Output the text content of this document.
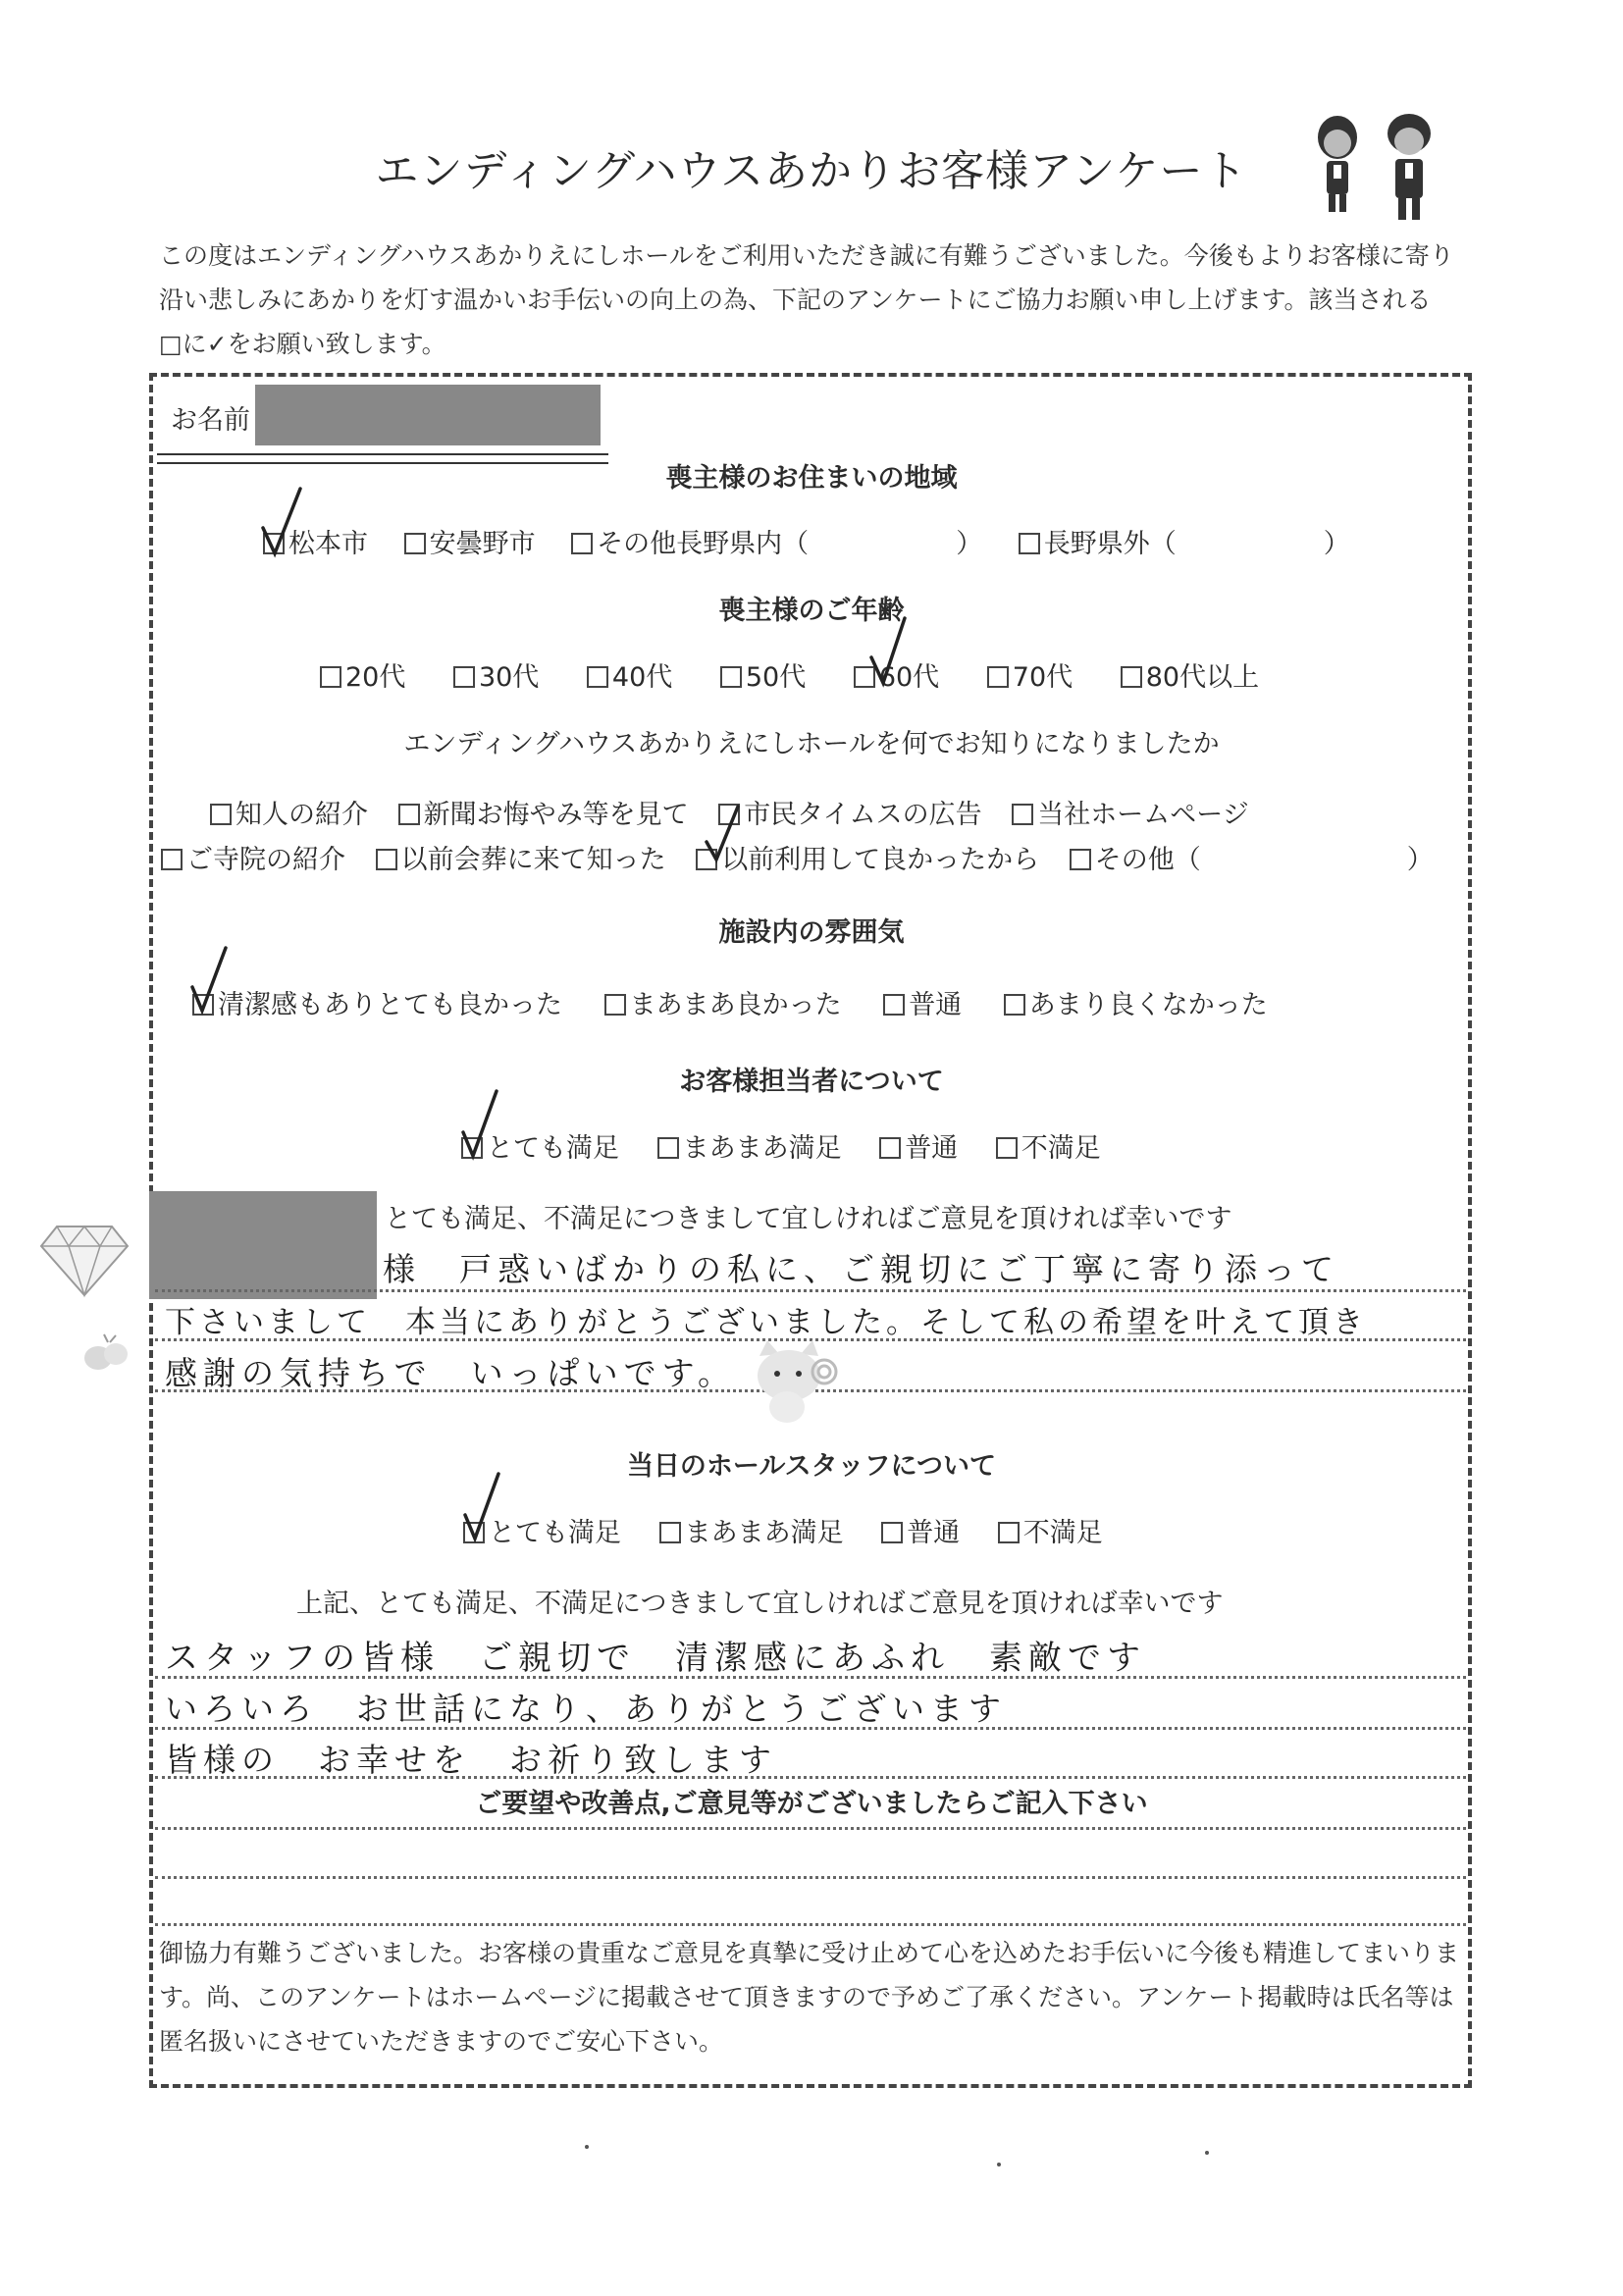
エンディングハウスあかりお客様アンケート
この度はエンディングハウスあかりえにしホールをご利用いただき誠に有難うございました。今後もよりお客様に寄り沿い悲しみにあかりを灯す温かいお手伝いの向上の為、下記のアンケートにご協力お願い申し上げます。該当される□に✓をお願い致します。
お名前
喪主様のお住まいの地域
松本市 安曇野市 その他長野県内（	） 長野県外（	）
喪主様のご年齢
20代	30代	40代	50代	60代	70代	80代以上
エンディングハウスあかりえにしホールを何でお知りになりましたか
知人の紹介 新聞お悔やみ等を見て 市民タイムスの広告 当社ホームページ
ご寺院の紹介 以前会葬に来て知った 以前利用して良かったから その他（	）
施設内の雰囲気
清潔感もありとても良かった	まあまあ良かった	普通	あまり良くなかった
お客様担当者について
とても満足 まあまあ満足 普通 不満足
とても満足、不満足につきまして宜しければご意見を頂ければ幸いです
様　戸惑いばかりの私に、ご親切にご丁寧に寄り添って
下さいまして　本当にありがとうございました。そして私の希望を叶えて頂き
感謝の気持ちで　いっぱいです。
当日のホールスタッフについて
とても満足 まあまあ満足 普通 不満足
上記、とても満足、不満足につきまして宜しければご意見を頂ければ幸いです
スタッフの皆様　ご親切で　清潔感にあふれ　素敵です
いろいろ　お世話になり、ありがとうございます
皆様の　お幸せを　お祈り致します
ご要望や改善点,ご意見等がございましたらご記入下さい
御協力有難うございました。お客様の貴重なご意見を真摯に受け止めて心を込めたお手伝いに今後も精進してまいります。尚、このアンケートはホームページに掲載させて頂きますので予めご了承ください。アンケート掲載時は氏名等は匿名扱いにさせていただきますのでご安心下さい。
